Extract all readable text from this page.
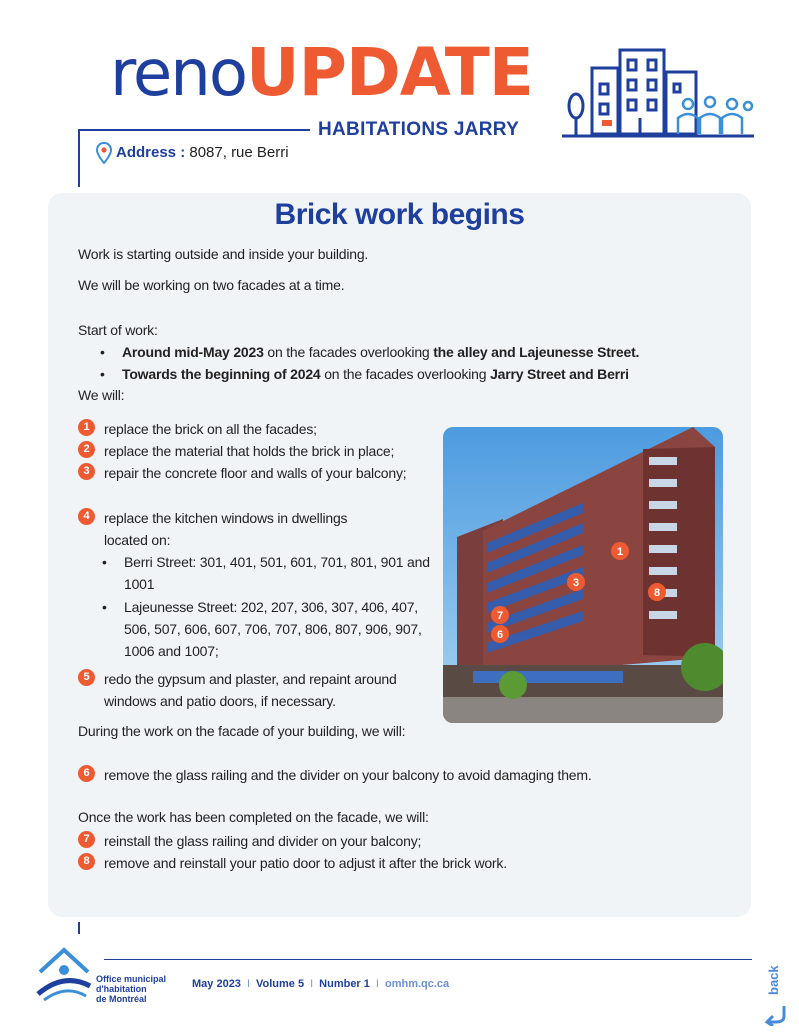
renoUPDATE
HABITATIONS JARRY
Address : 8087, rue Berri
Brick work begins
Work is starting outside and inside your building.
We will be working on two facades at a time.
Start of work:
• Around mid-May 2023 on the facades overlooking the alley and Lajeunesse Street.
• Towards the beginning of 2024 on the facades overlooking Jarry Street and Berri
We will:
1	replace the brick on all the facades;
2	replace the material that holds the brick in place;
3	repair the concrete floor and walls of your balcony;
4	replace the kitchen windows in dwellings located on:
• Berri Street: 301, 401, 501, 601, 701, 801, 901 and 1001
• Lajeunesse Street: 202, 207, 306, 307, 406, 407, 506, 507, 606, 607, 706, 707, 806, 807, 906, 907, 1006 and 1007;
5	redo the gypsum and plaster, and repaint around windows and patio doors, if necessary.
During the work on the facade of your building, we will:
6	remove the glass railing and the divider on your balcony to avoid damaging them.
Once the work has been completed on the facade, we will:
7	reinstall the glass railing and divider on your balcony;
8	remove and reinstall your patio door to adjust it after the brick work.
1
3
8
7
6
Office municipal
d'habitation
de Montréal
May 2023 I Volume 5 I Number 1 I omhm.qc.ca	back
